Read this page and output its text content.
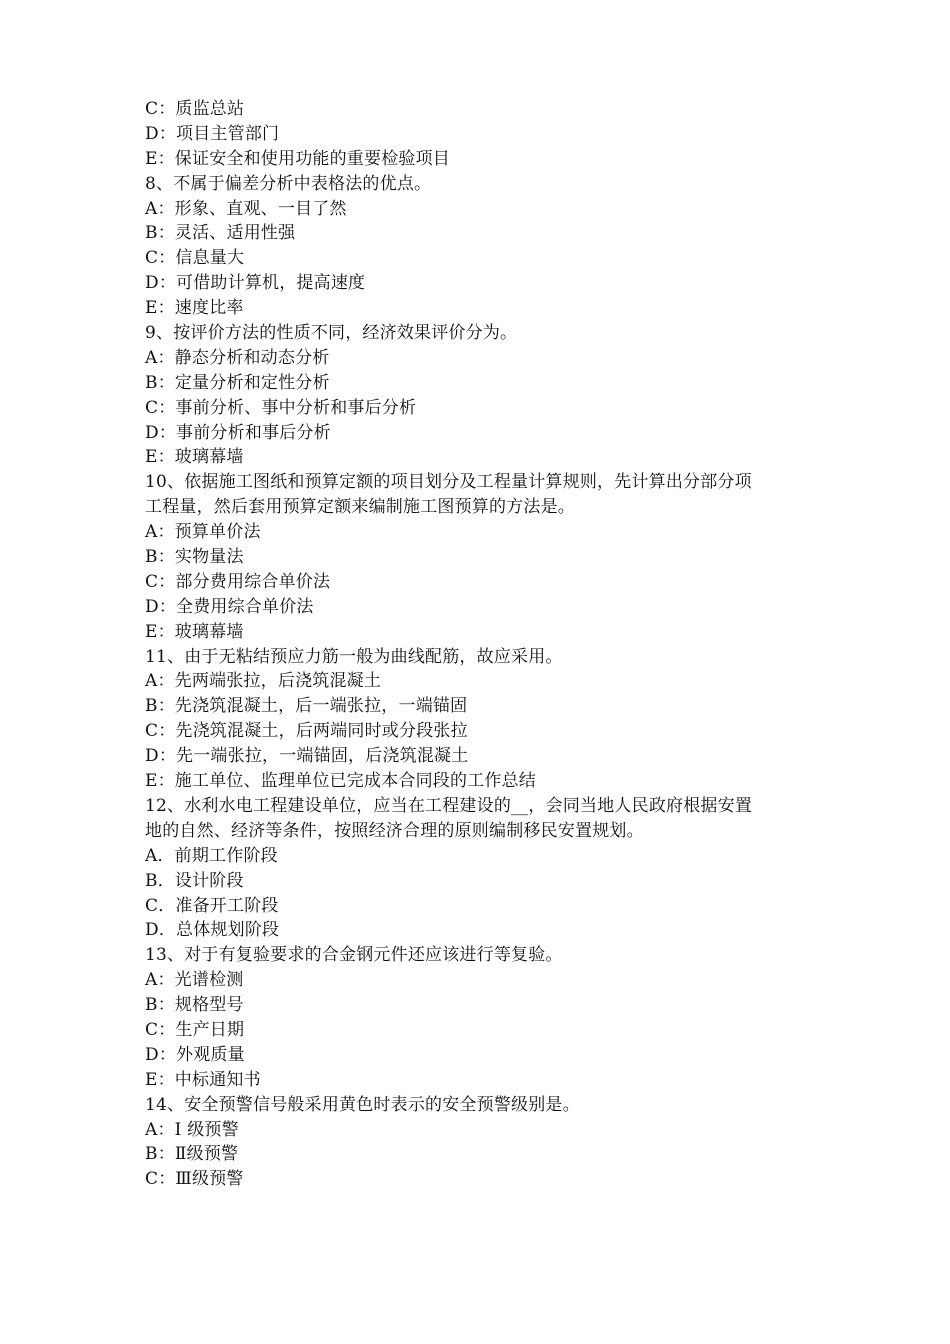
C：质监总站
D：项目主管部门
E：保证安全和使用功能的重要检验项目
8、不属于偏差分析中表格法的优点。
A：形象、直观、一目了然
B：灵活、适用性强
C：信息量大
D：可借助计算机，提高速度
E：速度比率
9、按评价方法的性质不同，经济效果评价分为。
A：静态分析和动态分析
B：定量分析和定性分析
C：事前分析、事中分析和事后分析
D：事前分析和事后分析
E：玻璃幕墙
10、依据施工图纸和预算定额的项目划分及工程量计算规则，先计算出分部分项
工程量，然后套用预算定额来编制施工图预算的方法是。
A：预算单价法
B：实物量法
C：部分费用综合单价法
D：全费用综合单价法
E：玻璃幕墙
11、由于无粘结预应力筋一般为曲线配筋，故应采用。
A：先两端张拉，后浇筑混凝土
B：先浇筑混凝土，后一端张拉，一端锚固
C：先浇筑混凝土，后两端同时或分段张拉
D：先一端张拉，一端锚固，后浇筑混凝土
E：施工单位、监理单位已完成本合同段的工作总结
12、水利水电工程建设单位，应当在工程建设的__，会同当地人民政府根据安置
地的自然、经济等条件，按照经济合理的原则编制移民安置规划。
A．前期工作阶段
B．设计阶段
C．准备开工阶段
D．总体规划阶段
13、对于有复验要求的合金钢元件还应该进行等复验。
A：光谱检测
B：规格型号
C：生产日期
D：外观质量
E：中标通知书
14、安全预警信号般采用黄色时表示的安全预警级别是。
A：I 级预警
B：Ⅱ级预警
C：Ⅲ级预警
